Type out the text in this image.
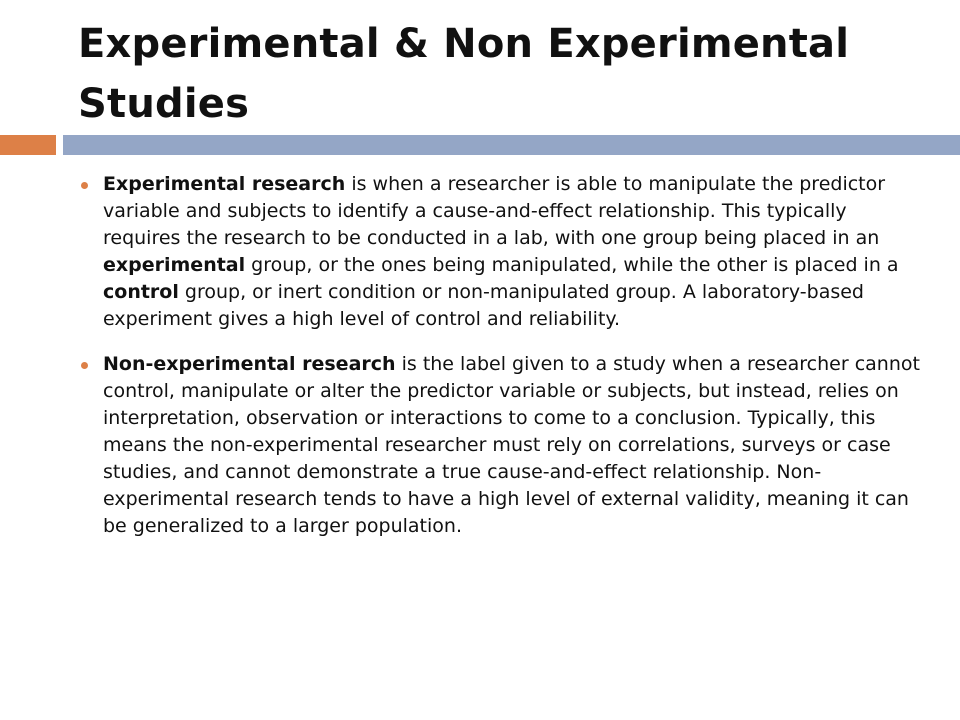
Experimental & Non Experimental Studies
Experimental research is when a researcher is able to manipulate the predictor variable and subjects to identify a cause-and-effect relationship. This typically requires the research to be conducted in a lab, with one group being placed in an experimental group, or the ones being manipulated, while the other is placed in a control group, or inert condition or non-manipulated group. A laboratory-based experiment gives a high level of control and reliability.
Non-experimental research is the label given to a study when a researcher cannot control, manipulate or alter the predictor variable or subjects, but instead, relies on interpretation, observation or interactions to come to a conclusion. Typically, this means the non-experimental researcher must rely on correlations, surveys or case studies, and cannot demonstrate a true cause-and-effect relationship. Non-experimental research tends to have a high level of external validity, meaning it can be generalized to a larger population.
